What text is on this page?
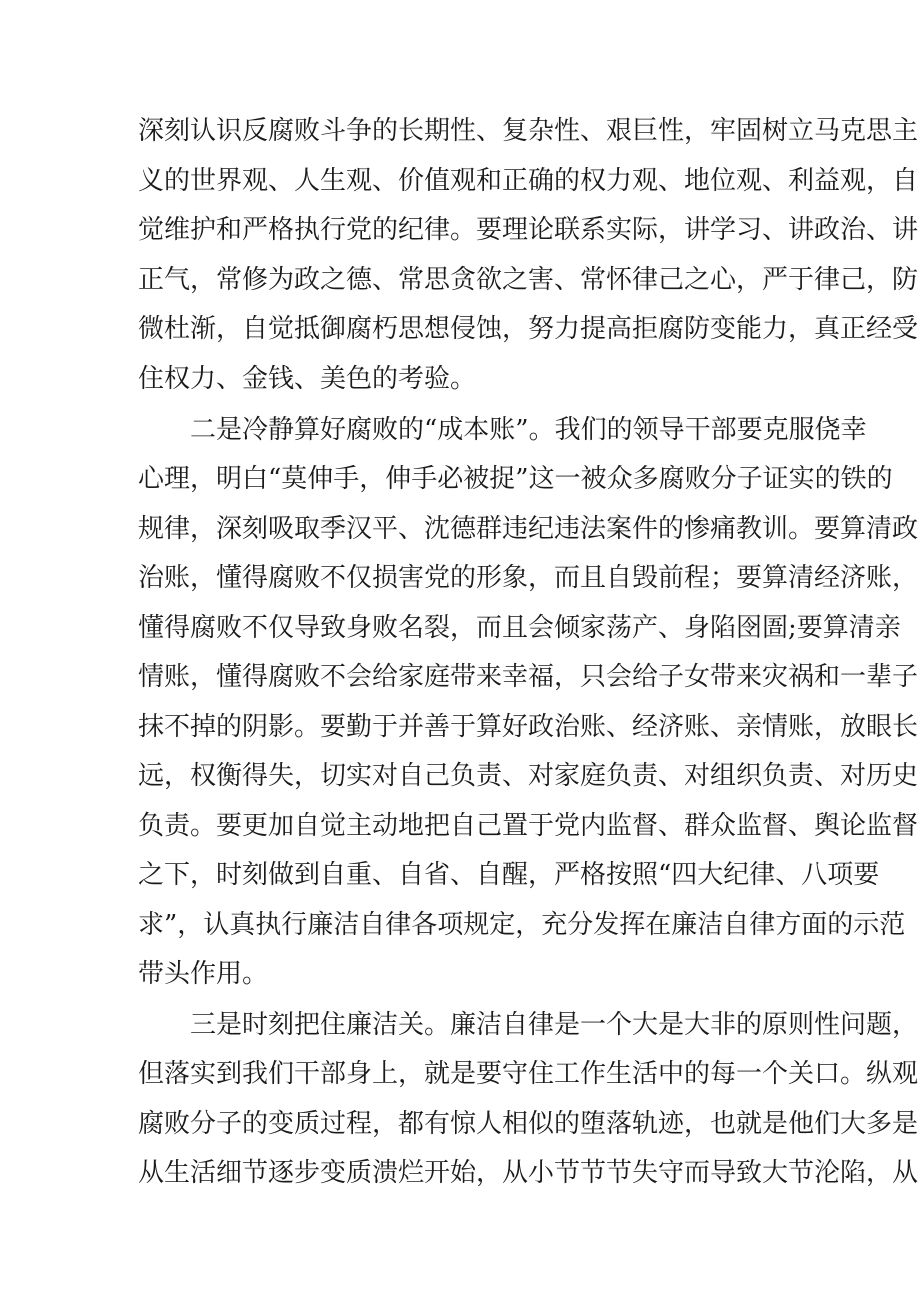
深刻认识反腐败斗争的长期性、复杂性、艰巨性，牢固树立马克思主
义的世界观、人生观、价值观和正确的权力观、地位观、利益观，自
觉维护和严格执行党的纪律。要理论联系实际，讲学习、讲政治、讲
正气，常修为政之德、常思贪欲之害、常怀律己之心，严于律己，防
微杜渐，自觉抵御腐朽思想侵蚀，努力提高拒腐防变能力，真正经受
住权力、金钱、美色的考验。
二是冷静算好腐败的“成本账”。我们的领导干部要克服侥幸
心理，明白“莫伸手，伸手必被捉”这一被众多腐败分子证实的铁的
规律，深刻吸取季汉平、沈德群违纪违法案件的惨痛教训。要算清政
治账，懂得腐败不仅损害党的形象，而且自毁前程；要算清经济账，
懂得腐败不仅导致身败名裂，而且会倾家荡产、身陷囹圄;要算清亲
情账，懂得腐败不会给家庭带来幸福，只会给子女带来灾祸和一辈子
抹不掉的阴影。要勤于并善于算好政治账、经济账、亲情账，放眼长
远，权衡得失，切实对自己负责、对家庭负责、对组织负责、对历史
负责。要更加自觉主动地把自己置于党内监督、群众监督、舆论监督
之下，时刻做到自重、自省、自醒，严格按照“四大纪律、八项要
求”，认真执行廉洁自律各项规定，充分发挥在廉洁自律方面的示范
带头作用。
三是时刻把住廉洁关。廉洁自律是一个大是大非的原则性问题，
但落实到我们干部身上，就是要守住工作生活中的每一个关口。纵观
腐败分子的变质过程，都有惊人相似的堕落轨迹，也就是他们大多是
从生活细节逐步变质溃烂开始，从小节节节失守而导致大节沦陷，从
